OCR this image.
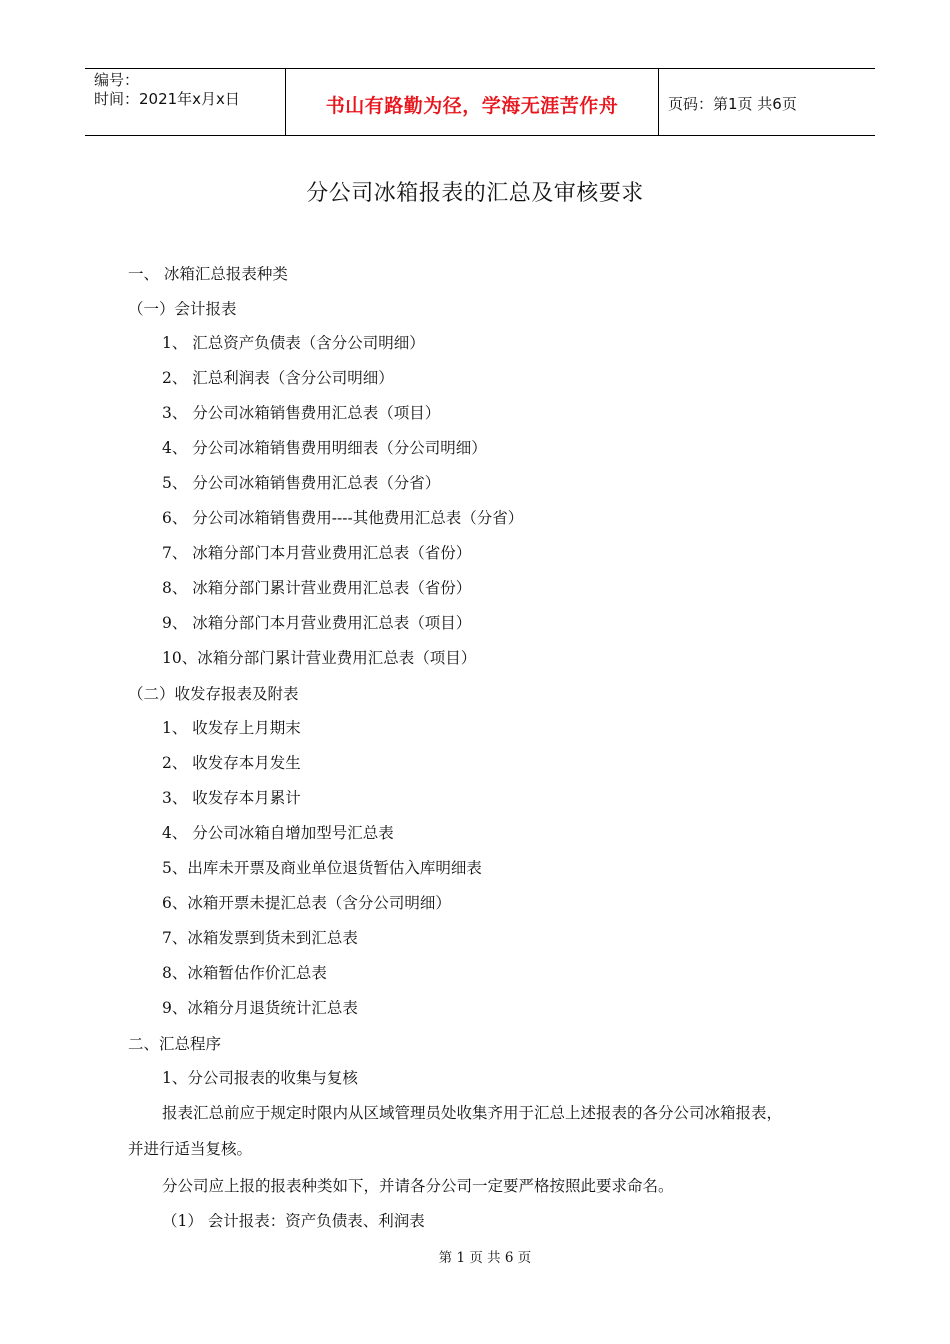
编号：
时间：2021年x月x日	书山有路勤为径，学海无涯苦作舟	页码：第1页 共6页
分公司冰箱报表的汇总及审核要求
一、 冰箱汇总报表种类
（一）会计报表
1、 汇总资产负债表（含分公司明细）
2、 汇总利润表（含分公司明细）
3、 分公司冰箱销售费用汇总表（项目）
4、 分公司冰箱销售费用明细表（分公司明细）
5、 分公司冰箱销售费用汇总表（分省）
6、 分公司冰箱销售费用----其他费用汇总表（分省）
7、 冰箱分部门本月营业费用汇总表（省份）
8、 冰箱分部门累计营业费用汇总表（省份）
9、 冰箱分部门本月营业费用汇总表（项目）
10、冰箱分部门累计营业费用汇总表（项目）
（二）收发存报表及附表
1、 收发存上月期末
2、 收发存本月发生
3、 收发存本月累计
4、 分公司冰箱自增加型号汇总表
5、出库未开票及商业单位退货暂估入库明细表
6、冰箱开票未提汇总表（含分公司明细）
7、冰箱发票到货未到汇总表
8、冰箱暂估作价汇总表
9、冰箱分月退货统计汇总表
二、汇总程序
1、分公司报表的收集与复核
报表汇总前应于规定时限内从区域管理员处收集齐用于汇总上述报表的各分公司冰箱报表，
并进行适当复核。
分公司应上报的报表种类如下，并请各分公司一定要严格按照此要求命名。
（1） 会计报表：资产负债表、利润表
第 1 页 共 6 页
